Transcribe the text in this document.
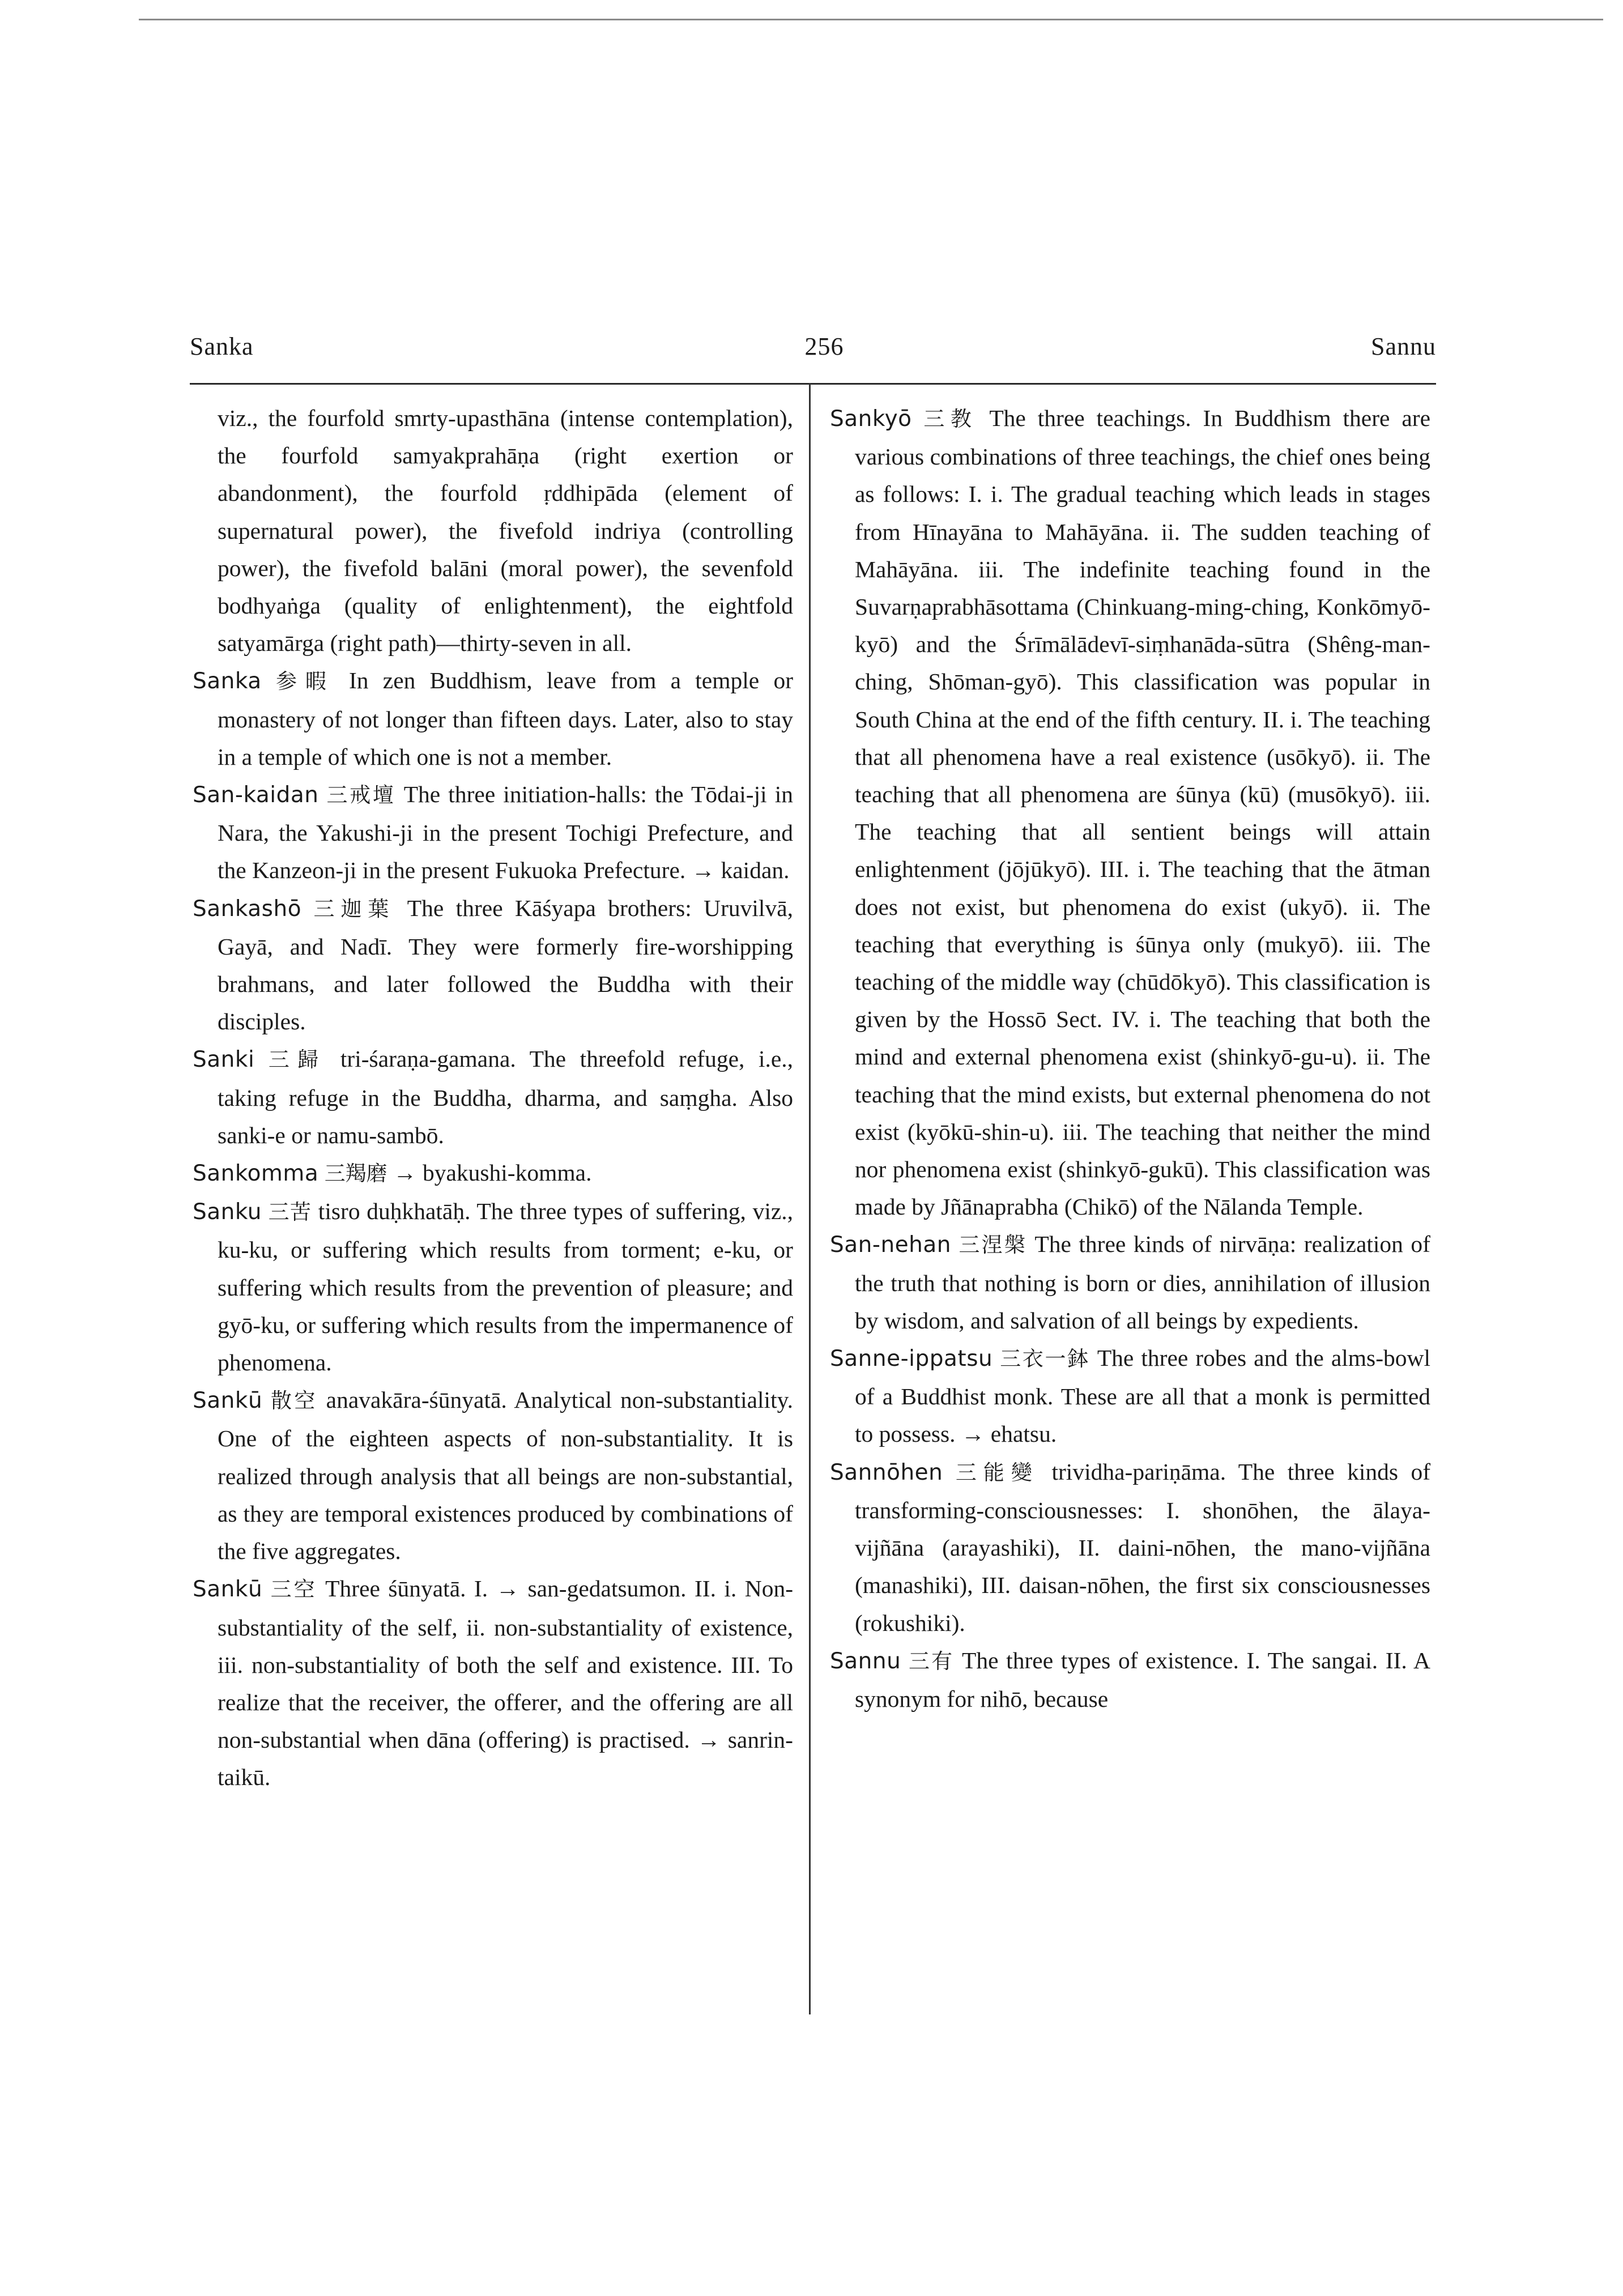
Sanka	256	Sannu

viz., the fourfold smrty-upasthāna (intense contemplation), the fourfold samyakprahāṇa (right exertion or abandonment), the fourfold ṛddhipāda (element of supernatural power), the fivefold indriya (controlling power), the fivefold balāni (moral power), the sevenfold bodhyaṅga (quality of enlightenment), the eightfold satyamārga (right path)—thirty-seven in all.

Sanka 参暇 In zen Buddhism, leave from a temple or monastery of not longer than fifteen days. Later, also to stay in a temple of which one is not a member.

San-kaidan 三戒壇 The three initiation-halls: the Tōdai-ji in Nara, the Yakushi-ji in the present Tochigi Prefecture, and the Kanzeon-ji in the present Fukuoka Prefecture. → kaidan.

Sankashō 三迦葉 The three Kāśyapa brothers: Uruvilvā, Gayā, and Nadī. They were formerly fire-worshipping brahmans, and later followed the Buddha with their disciples.

Sanki 三歸 tri-śaraṇa-gamana. The threefold refuge, i.e., taking refuge in the Buddha, dharma, and saṃgha. Also sanki-e or namu-sambō.

Sankomma 三羯磨 → byakushi-komma.

Sanku 三苦 tisro duḥkhatāḥ. The three types of suffering, viz., ku-ku, or suffering which results from torment; e-ku, or suffering which results from the prevention of pleasure; and gyō-ku, or suffering which results from the impermanence of phenomena.

Sankū 散空 anavakāra-śūnyatā. Analytical non-substantiality. One of the eighteen aspects of non-substantiality. It is realized through analysis that all beings are non-substantial, as they are temporal existences produced by combinations of the five aggregates.

Sankū 三空 Three śūnyatā. I. → san-gedatsumon. II. i. Non-substantiality of the self, ii. non-substantiality of existence, iii. non-substantiality of both the self and existence. III. To realize that the receiver, the offerer, and the offering are all non-substantial when dāna (offering) is practised. → sanrin-taikū.

Sankyō 三教 The three teachings. In Buddhism there are various combinations of three teachings, the chief ones being as follows: I. i. The gradual teaching which leads in stages from Hīnayāna to Mahāyāna. ii. The sudden teaching of Mahāyāna. iii. The indefinite teaching found in the Suvarṇaprabhāsottama (Chinkuang-ming-ching, Konkōmyō-kyō) and the Śrīmālādevī-siṃhanāda-sūtra (Shêng-man-ching, Shōman-gyō). This classification was popular in South China at the end of the fifth century. II. i. The teaching that all phenomena have a real existence (usōkyō). ii. The teaching that all phenomena are śūnya (kū) (musōkyō). iii. The teaching that all sentient beings will attain enlightenment (jōjūkyō). III. i. The teaching that the ātman does not exist, but phenomena do exist (ukyō). ii. The teaching that everything is śūnya only (mukyō). iii. The teaching of the middle way (chūdōkyō). This classification is given by the Hossō Sect. IV. i. The teaching that both the mind and external phenomena exist (shinkyō-gu-u). ii. The teaching that the mind exists, but external phenomena do not exist (kyōkū-shin-u). iii. The teaching that neither the mind nor phenomena exist (shinkyō-gukū). This classification was made by Jñānaprabha (Chikō) of the Nālanda Temple.

San-nehan 三涅槃 The three kinds of nirvāṇa: realization of the truth that nothing is born or dies, annihilation of illusion by wisdom, and salvation of all beings by expedients.

Sanne-ippatsu 三衣一鉢 The three robes and the alms-bowl of a Buddhist monk. These are all that a monk is permitted to possess. → ehatsu.

Sannōhen 三能變 trividha-pariṇāma. The three kinds of transforming-consciousnesses: I. shonōhen, the ālaya-vijñāna (arayashiki), II. daini-nōhen, the mano-vijñāna (manashiki), III. daisan-nōhen, the first six consciousnesses (rokushiki).

Sannu 三有 The three types of existence. I. The sangai. II. A synonym for nihō, because
